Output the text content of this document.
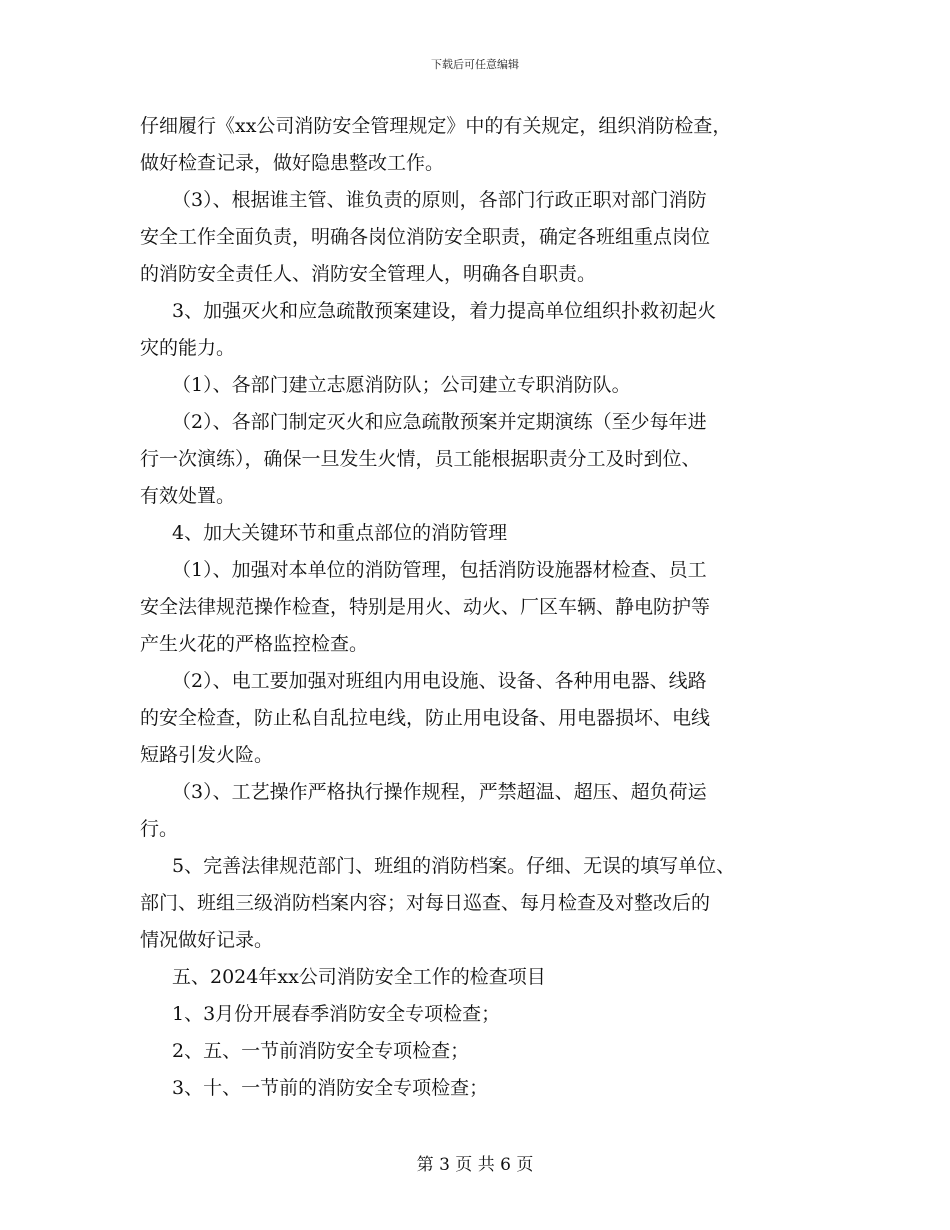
下载后可任意编辑
仔细履行《xx公司消防安全管理规定》中的有关规定，组织消防检查，
做好检查记录，做好隐患整改工作。
（3）、根据谁主管、谁负责的原则，各部门行政正职对部门消防
安全工作全面负责，明确各岗位消防安全职责，确定各班组重点岗位
的消防安全责任人、消防安全管理人，明确各自职责。
3、加强灭火和应急疏散预案建设，着力提高单位组织扑救初起火
灾的能力。
（1）、各部门建立志愿消防队；公司建立专职消防队。
（2）、各部门制定灭火和应急疏散预案并定期演练（至少每年进
行一次演练），确保一旦发生火情，员工能根据职责分工及时到位、
有效处置。
4、加大关键环节和重点部位的消防管理
（1）、加强对本单位的消防管理，包括消防设施器材检查、员工
安全法律规范操作检查，特别是用火、动火、厂区车辆、静电防护等
产生火花的严格监控检查。
（2）、电工要加强对班组内用电设施、设备、各种用电器、线路
的安全检查，防止私自乱拉电线，防止用电设备、用电器损坏、电线
短路引发火险。
（3）、工艺操作严格执行操作规程，严禁超温、超压、超负荷运
行。
5、完善法律规范部门、班组的消防档案。仔细、无误的填写单位、
部门、班组三级消防档案内容；对每日巡查、每月检查及对整改后的
情况做好记录。
五、2024年xx公司消防安全工作的检查项目
1、3月份开展春季消防安全专项检查；
2、五、一节前消防安全专项检查；
3、十、一节前的消防安全专项检查；
第 3 页 共 6 页
